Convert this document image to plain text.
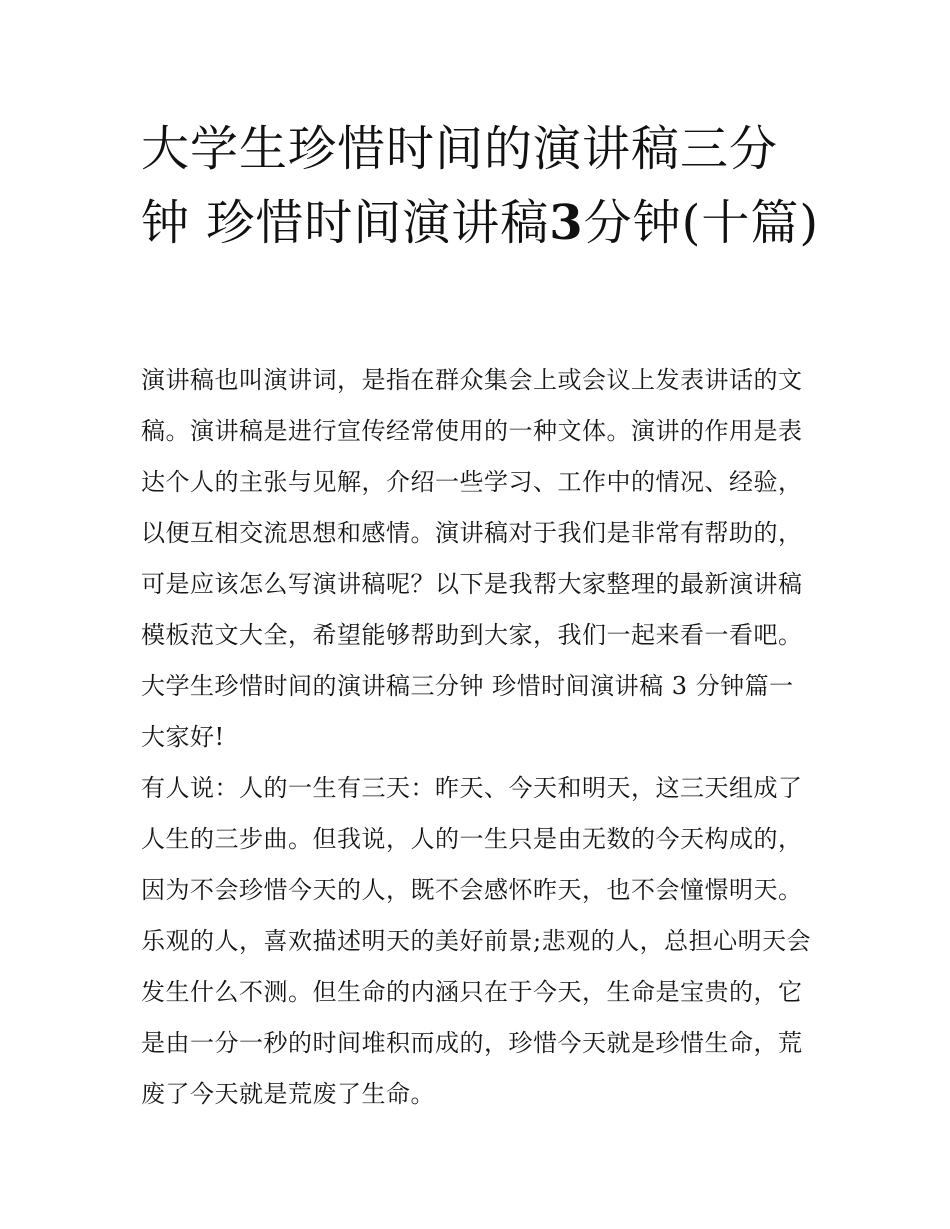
大学生珍惜时间的演讲稿三分钟 珍惜时间演讲稿3分钟(十篇)

演讲稿也叫演讲词，是指在群众集会上或会议上发表讲话的文稿。演讲稿是进行宣传经常使用的一种文体。演讲的作用是表达个人的主张与见解，介绍一些学习、工作中的情况、经验，以便互相交流思想和感情。演讲稿对于我们是非常有帮助的，可是应该怎么写演讲稿呢？以下是我帮大家整理的最新演讲稿模板范文大全，希望能够帮助到大家，我们一起来看一看吧。

大学生珍惜时间的演讲稿三分钟 珍惜时间演讲稿 3 分钟篇一

大家好!

有人说：人的一生有三天：昨天、今天和明天，这三天组成了人生的三步曲。但我说，人的一生只是由无数的今天构成的，因为不会珍惜今天的人，既不会感怀昨天，也不会憧憬明天。乐观的人，喜欢描述明天的美好前景;悲观的人，总担心明天会发生什么不测。但生命的内涵只在于今天，生命是宝贵的，它是由一分一秒的时间堆积而成的，珍惜今天就是珍惜生命，荒废了今天就是荒废了生命。
